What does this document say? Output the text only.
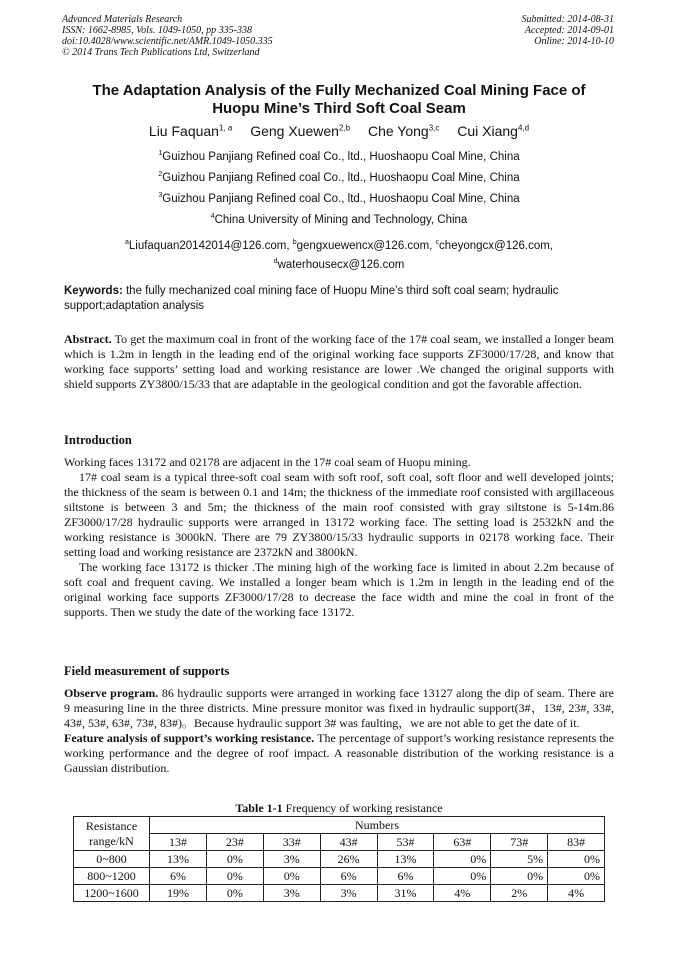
Advanced Materials Research
ISSN: 1662-8985, Vols. 1049-1050, pp 335-338
doi:10.4028/www.scientific.net/AMR.1049-1050.335
© 2014 Trans Tech Publications Ltd, Switzerland
Submitted: 2014-08-31
Accepted: 2014-09-01
Online: 2014-10-10
The Adaptation Analysis of the Fully Mechanized Coal Mining Face of
Huopu Mine’s Third Soft Coal Seam
Liu Faquan$^{1, a}$ Geng Xuewen$^{2,b}$ Che Yong$^{3,c}$ Cui Xiang$^{4,d}$
$^1$Guizhou Panjiang Refined coal Co., ltd., Huoshaopu Coal Mine, China
$^2$Guizhou Panjiang Refined coal Co., ltd., Huoshaopu Coal Mine, China
$^3$Guizhou Panjiang Refined coal Co., ltd., Huoshaopu Coal Mine, China
$^4$China University of Mining and Technology, China
$^a$Liufaquan20142014@126.com, $^b$gengxuewencx@126.com, $^c$cheyongcx@126.com,
$^d$waterhousecx@126.com
Keywords: the fully mechanized coal mining face of Huopu Mine’s third soft coal seam; hydraulic support;adaptation analysis

Abstract. To get the maximum coal in front of the working face of the 17# coal seam, we installed a longer beam which is 1.2m in length in the leading end of the original working face supports ZF3000/17/28, and know that working face supports’ setting load and working resistance are lower .We changed the original supports with shield supports ZY3800/15/33 that are adaptable in the geological condition and got the favorable affection.

Introduction

Working faces 13172 and 02178 are adjacent in the 17# coal seam of Huopu mining.

17# coal seam is a typical three-soft coal seam with soft roof, soft coal, soft floor and well developed joints; the thickness of the seam is between 0.1 and 14m; the thickness of the immediate roof consisted with argillaceous siltstone is between 3 and 5m; the thickness of the main roof consisted with gray siltstone is 5-14m.86 ZF3000/17/28 hydraulic supports were arranged in 13172 working face. The setting load is 2532kN and the working resistance is 3000kN. There are 79 ZY3800/15/33 hydraulic supports in 02178 working face. Their setting load and working resistance are 2372kN and 3800kN.

The working face 13172 is thicker .The mining high of the working face is limited in about 2.2m because of soft coal and frequent caving. We installed a longer beam which is 1.2m in length in the leading end of the original working face supports ZF3000/17/28 to decrease the face width and mine the coal in front of the supports. Then we study the date of the working face 13172.

Field measurement of supports

Observe program. 86 hydraulic supports were arranged in working face 13127 along the dip of seam. There are 9 measuring line in the three districts. Mine pressure monitor was fixed in hydraulic support(3#，13#, 23#, 33#, 43#, 53#, 63#, 73#, 83#)。Because hydraulic support 3# was faulting，we are not able to get the date of it.

Feature analysis of support’s working resistance. The percentage of support’s working resistance represents the working performance and the degree of roof impact. A reasonable distribution of the working resistance is a Gaussian distribution.

Table 1-1 Frequency of working resistance
Resistance
range/kN	Numbers							
	13#	23#	33#	43#	53#	63#	73#	83#
0~800	13%	0%	3%	26%	13%	0%	5%	0%
800~1200	6%	0%	0%	6%	6%	0%	0%	0%
1200~1600	19%	0%	3%	3%	31%	4%	2%	4%
